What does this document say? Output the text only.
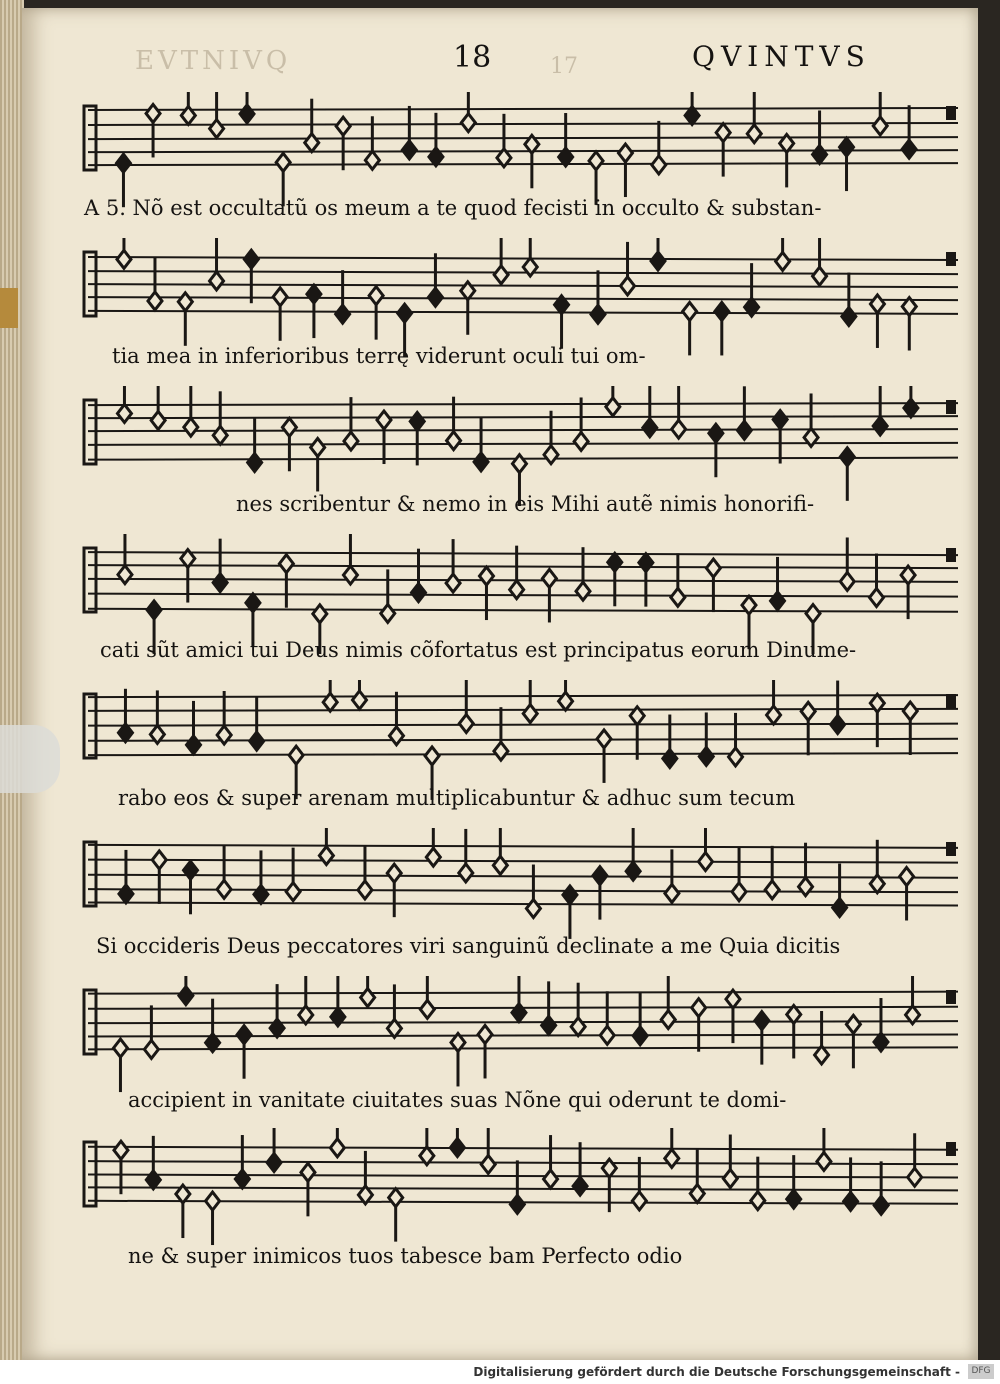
EVTNIVQ	18	17	QVINTVS
A 5. Nõ est occultatũ os meum a te quod fecisti in occulto & substan-
tia mea in inferioribus terrę viderunt oculi tui om-
nes scribentur & nemo in eis Mihi autẽ nimis honorifi-
cati sũt amici tui Deus nimis cõfortatus est principatus eorum Dinume-
rabo eos & super arenam multiplicabuntur & adhuc sum tecum
Si occideris Deus peccatores viri sanguinũ declinate a me Quia dicitis
accipient in vanitate ciuitates suas Nõne qui oderunt te domi-
ne & super inimicos tuos tabesce bam Perfecto odio
Digitalisierung gefördert durch die Deutsche Forschungsgemeinschaft -	DFG
